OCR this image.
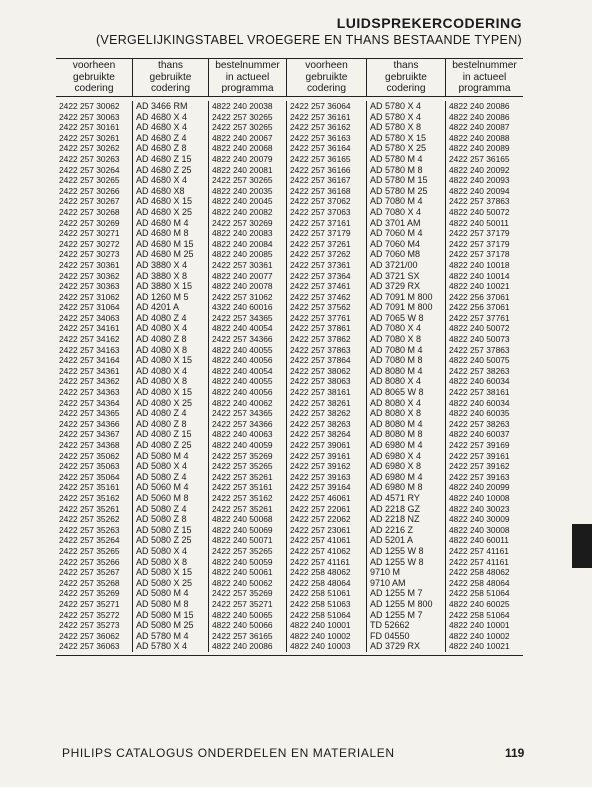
LUIDSPREKERCODERING
(VERGELIJKINGSTABEL VROEGERE EN THANS BESTAANDE TYPEN)
voorheen
gebruikte
codering
thans
gebruikte
codering
bestelnummer
in actueel
programma
voorheen
gebruikte
codering
thans
gebruikte
codering
bestelnummer
in actueel
programma
2422 257 30062	AD 3466 RM	4822 240 20038	2422 257 36064	AD 5780 X 4	4822 240 20086
2422 257 30063	AD 4680 X 4	2422 257 30265	2422 257 36161	AD 5780 X 4	4822 240 20086
2422 257 30161	AD 4680 X 4	2422 257 30265	2422 257 36162	AD 5780 X 8	4822 240 20087
2422 257 30261	AD 4680 Z 4	4822 240 20067	2422 257 36163	AD 5780 X 15	4822 240 20088
2422 257 30262	AD 4680 Z 8	4822 240 20068	2422 257 36164	AD 5780 X 25	4822 240 20089
2422 257 30263	AD 4680 Z 15	4822 240 20079	2422 257 36165	AD 5780 M 4	2422 257 36165
2422 257 30264	AD 4680 Z 25	4822 240 20081	2422 257 36166	AD 5780 M 8	4822 240 20092
2422 257 30265	AD 4680 X 4	2422 257 30265	2422 257 36167	AD 5780 M 15	4822 240 20093
2422 257 30266	AD 4680 X8	4822 240 20035	2422 257 36168	AD 5780 M 25	4822 240 20094
2422 257 30267	AD 4680 X 15	4822 240 20045	2422 257 37062	AD 7080 M 4	2422 257 37863
2422 257 30268	AD 4680 X 25	4822 240 20082	2422 257 37063	AD 7080 X 4	4822 240 50072
2422 257 30269	AD 4680 M 4	2422 257 30269	2422 257 37161	AD 3701 AM	4822 240 50011
2422 257 30271	AD 4680 M 8	4822 240 20083	2422 257 37179	AD 7060 M 4	2422 257 37179
2422 257 30272	AD 4680 M 15	4822 240 20084	2422 257 37261	AD 7060 M4	2422 257 37179
2422 257 30273	AD 4680 M 25	4822 240 20085	2422 257 37262	AD 7060 M8	2422 257 37178
2422 257 30361	AD 3880 X 4	2422 257 30361	2422 257 37361	AD 3721/00	4822 240 10018
2422 257 30362	AD 3880 X 8	4822 240 20077	2422 257 37364	AD 3721 SX	4822 240 10014
2422 257 30363	AD 3880 X 15	4822 240 20078	2422 257 37461	AD 3729 RX	4822 240 10021
2422 257 31062	AD 1260 M 5	2422 257 31062	2422 257 37462	AD 7091 M 800	2422 256 37061
2422 257 31064	AD 4201 A	4322 240 60016	2422 257 37562	AD 7091 M 800	2422 256 37061
2422 257 34063	AD 4080 Z 4	2422 257 34365	2422 257 37761	AD 7065 W 8	2422 257 37761
2422 257 34161	AD 4080 X 4	4822 240 40054	2422 257 37861	AD 7080 X 4	4822 240 50072
2422 257 34162	AD 4080 Z 8	2422 257 34366	2422 257 37862	AD 7080 X 8	4822 240 50073
2422 257 34163	AD 4080 X 8	4822 240 40055	2422 257 37863	AD 7080 M 4	2422 257 37863
2422 257 34164	AD 4080 X 15	4822 240 40056	2422 257 37864	AD 7080 M 8	4822 240 50075
2422 257 34361	AD 4080 X 4	4822 240 40054	2422 257 38062	AD 8080 M 4	2422 257 38263
2422 257 34362	AD 4080 X 8	4822 240 40055	2422 257 38063	AD 8080 X 4	4822 240 60034
2422 257 34363	AD 4080 X 15	4822 240 40056	2422 257 38161	AD 8065 W 8	2422 257 38161
2422 257 34364	AD 4080 X 25	4822 240 40062	2422 257 38261	AD 8080 X 4	4822 240 60034
2422 257 34365	AD 4080 Z 4	2422 257 34365	2422 257 38262	AD 8080 X 8	4822 240 60035
2422 257 34366	AD 4080 Z 8	2422 257 34366	2422 257 38263	AD 8080 M 4	2422 257 38263
2422 257 34367	AD 4080 Z 15	4822 240 40063	2422 257 38264	AD 8080 M 8	4822 240 60037
2422 257 34368	AD 4080 Z 25	4822 240 40059	2422 257 39061	AD 6980 M 4	2422 257 39169
2422 257 35062	AD 5080 M 4	2422 257 35269	2422 257 39161	AD 6980 X 4	2422 257 39161
2422 257 35063	AD 5080 X 4	2422 257 35265	2422 257 39162	AD 6980 X 8	2422 257 39162
2422 257 35064	AD 5080 Z 4	2422 257 35261	2422 257 39163	AD 6980 M 4	2422 257 39163
2422 257 35161	AD 5060 M 4	2422 257 35161	2422 257 39164	AD 6980 M 8	4822 240 20099
2422 257 35162	AD 5060 M 8	2422 257 35162	2422 257 46061	AD 4571 RY	4822 240 10008
2422 257 35261	AD 5080 Z 4	2422 257 35261	2422 257 22061	AD 2218 GZ	4822 240 30023
2422 257 35262	AD 5080 Z 8	4822 240 50068	2422 257 22062	AD 2218 NZ	4822 240 30009
2422 257 35263	AD 5080 Z 15	4822 240 50069	2422 257 23061	AD 2216 Z	4822 240 30008
2422 257 35264	AD 5080 Z 25	4822 240 50071	2422 257 41061	AD 5201 A	4822 240 60011
2422 257 35265	AD 5080 X 4	2422 257 35265	2422 257 41062	AD 1255 W 8	2422 257 41161
2422 257 35266	AD 5080 X 8	4822 240 50059	2422 257 41161	AD 1255 W 8	2422 257 41161
2422 257 35267	AD 5080 X 15	4822 240 50061	2422 258 48062	9710 M	2422 258 48062
2422 257 35268	AD 5080 X 25	4822 240 50062	2422 258 48064	9710 AM	2422 258 48064
2422 257 35269	AD 5080 M 4	2422 257 35269	2422 258 51061	AD 1255 M 7	2422 258 51064
2422 257 35271	AD 5080 M 8	2422 257 35271	2422 258 51063	AD 1255 M 800	4822 240 60025
2422 257 35272	AD 5080 M 15	4822 240 50065	2422 258 51064	AD 1255 M 7	2422 258 51064
2422 257 35273	AD 5080 M 25	4822 240 50066	4822 240 10001	TD 52662	4822 240 10001
2422 257 36062	AD 5780 M 4	2422 257 36165	4822 240 10002	FD 04550	4822 240 10002
2422 257 36063	AD 5780 X 4	4822 240 20086	4822 240 10003	AD 3729 RX	4822 240 10021
PHILIPS CATALOGUS ONDERDELEN EN MATERIALEN	119
